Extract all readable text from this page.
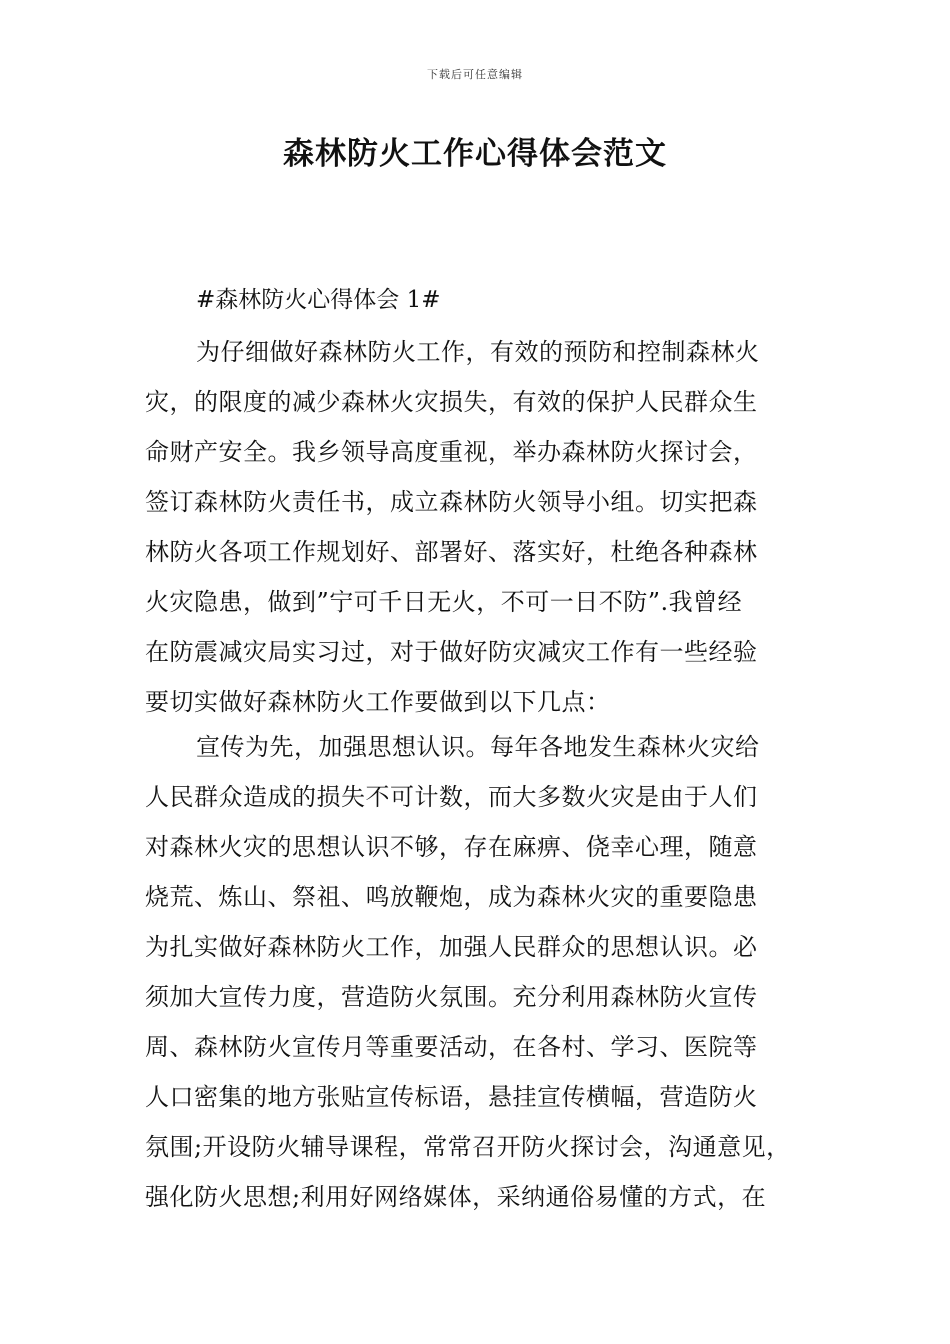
下载后可任意编辑
森林防火工作心得体会范文

#森林防火心得体会 1#

为仔细做好森林防火工作，有效的预防和控制森林火
灾，的限度的减少森林火灾损失，有效的保护人民群众生
命财产安全。我乡领导高度重视，举办森林防火探讨会，
签订森林防火责任书，成立森林防火领导小组。切实把森
林防火各项工作规划好、部署好、落实好，杜绝各种森林
火灾隐患，做到”宁可千日无火，不可一日不防”.我曾经
在防震减灾局实习过，对于做好防灾减灾工作有一些经验
要切实做好森林防火工作要做到以下几点：
宣传为先，加强思想认识。每年各地发生森林火灾给
人民群众造成的损失不可计数，而大多数火灾是由于人们
对森林火灾的思想认识不够，存在麻痹、侥幸心理，随意
烧荒、炼山、祭祖、鸣放鞭炮，成为森林火灾的重要隐患
为扎实做好森林防火工作，加强人民群众的思想认识。必
须加大宣传力度，营造防火氛围。充分利用森林防火宣传
周、森林防火宣传月等重要活动，在各村、学习、医院等
人口密集的地方张贴宣传标语，悬挂宣传横幅，营造防火
氛围;开设防火辅导课程，常常召开防火探讨会，沟通意见，
强化防火思想;利用好网络媒体，采纳通俗易懂的方式，在
